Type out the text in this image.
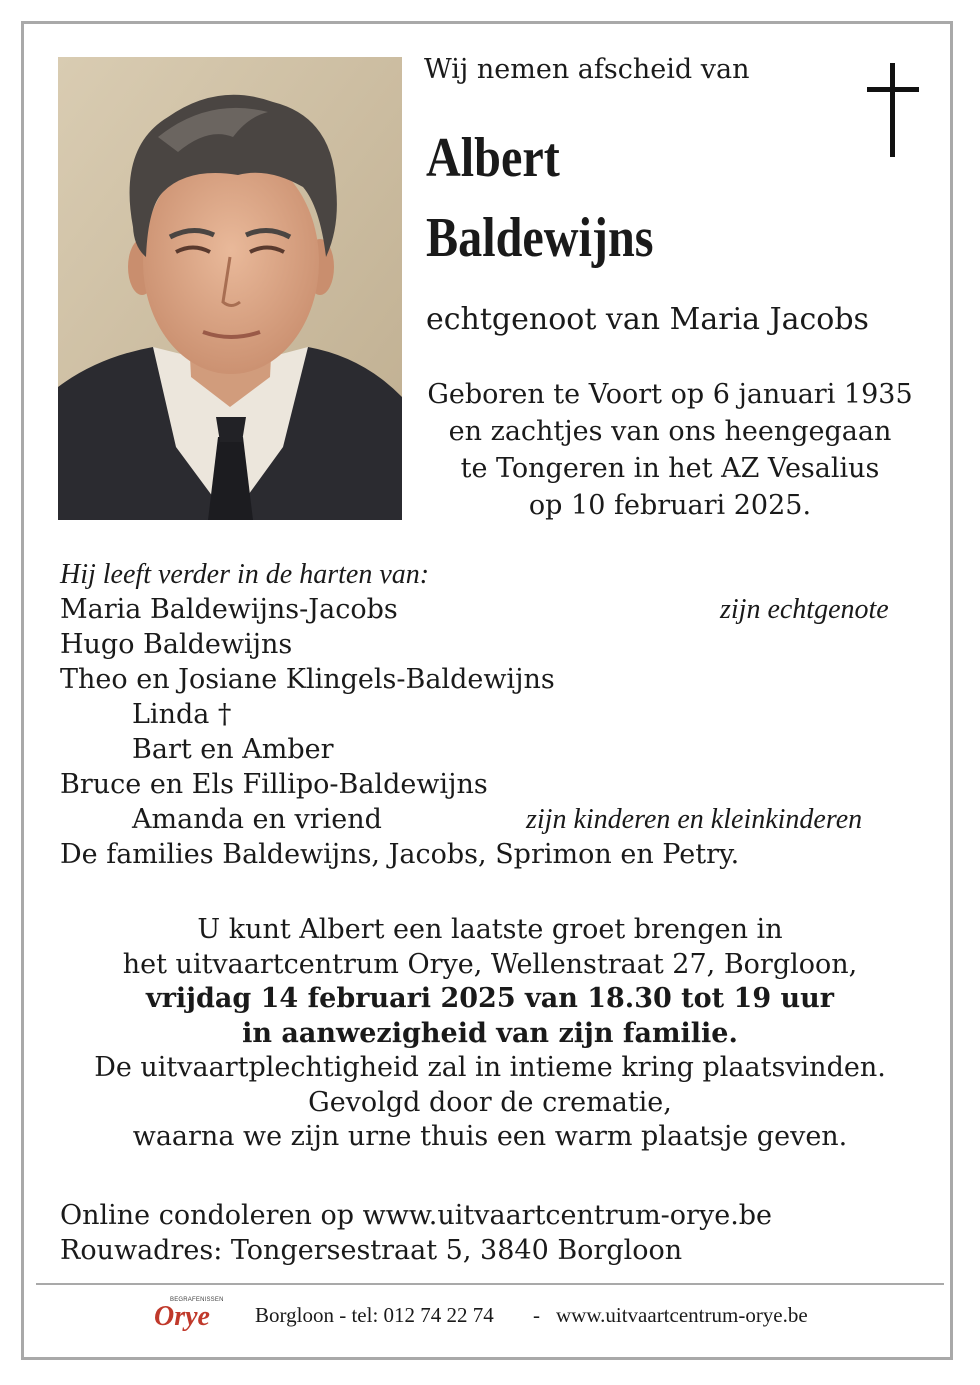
Wij nemen afscheid van
Albert
Baldewijns
echtgenoot van Maria Jacobs
Geboren te Voort op 6 januari 1935
en zachtjes van ons heengegaan
te Tongeren in het AZ Vesalius
op 10 februari 2025.
Hij leeft verder in de harten van:
Maria Baldewijns-Jacobs	zijn echtgenote
Hugo Baldewijns
Theo en Josiane Klingels-Baldewijns
Linda †
Bart en Amber
Bruce en Els Fillipo-Baldewijns
Amanda en vriend	zijn kinderen en kleinkinderen
De families Baldewijns, Jacobs, Sprimon en Petry.
U kunt Albert een laatste groet brengen in
het uitvaartcentrum Orye, Wellenstraat 27, Borgloon,
vrijdag 14 februari 2025 van 18.30 tot 19 uur
in aanwezigheid van zijn familie.
De uitvaartplechtigheid zal in intieme kring plaatsvinden.
Gevolgd door de crematie,
waarna we zijn urne thuis een warm plaatsje geven.
Online condoleren op www.uitvaartcentrum-orye.be
Rouwadres: Tongersestraat 5, 3840 Borgloon
BEGRAFENISSEN
Orye Borgloon - tel: 012 74 22 74 - www.uitvaartcentrum-orye.be
